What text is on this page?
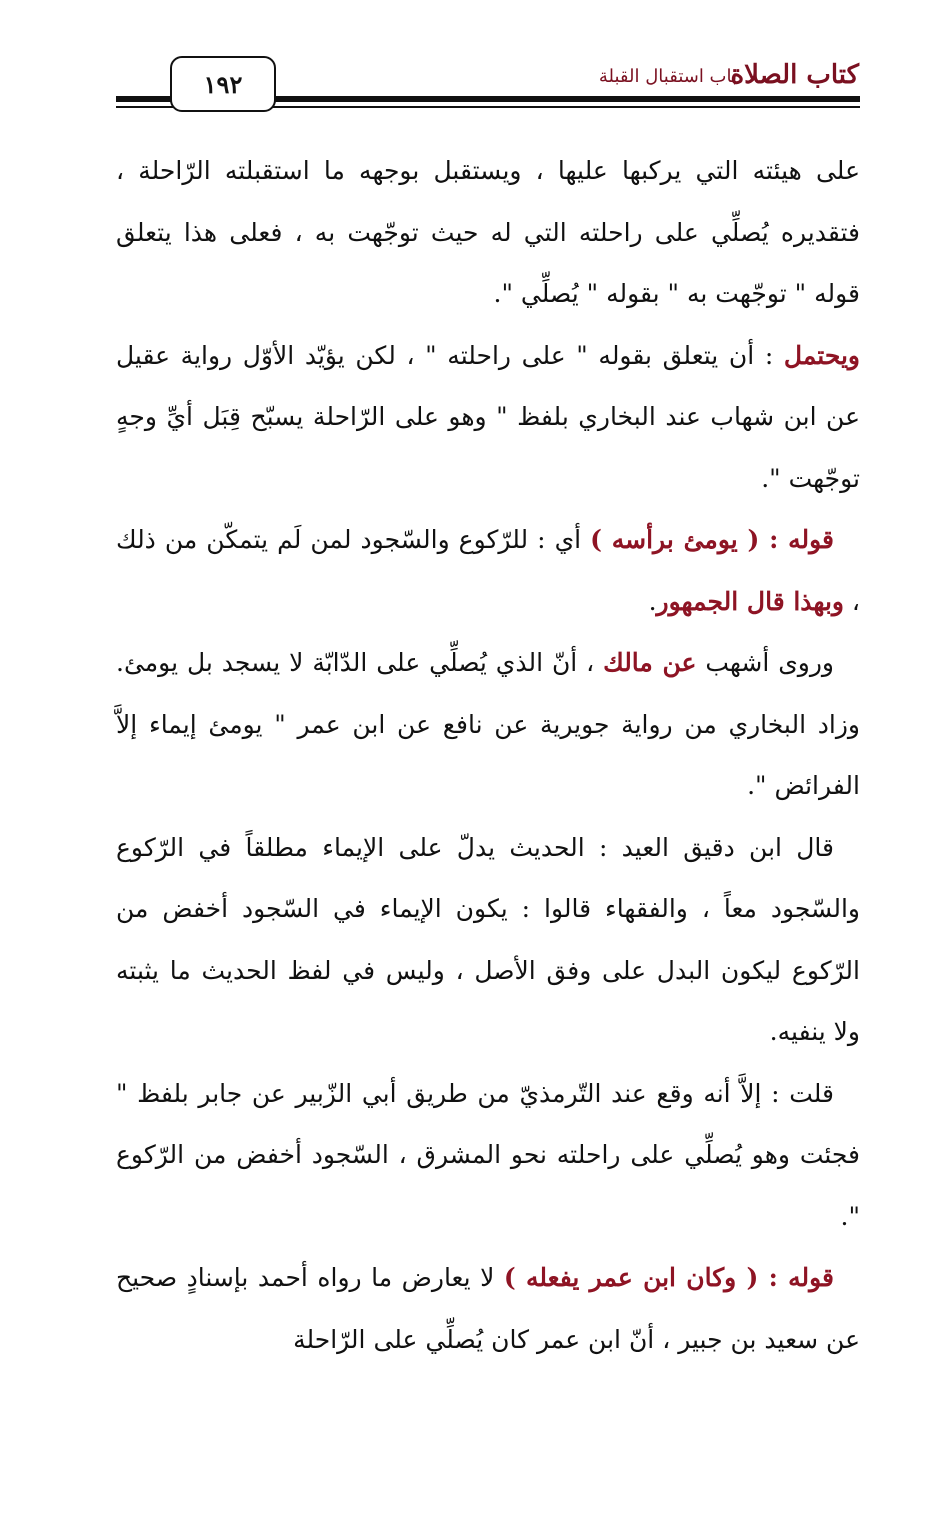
١٩٢	باب استقبال القبلة
كتاب الصلاة

على هيئته التي يركبها عليها ، ويستقبل بوجهه ما استقبلته الرّاحلة ، فتقديره يُصلِّي على راحلته التي له حيث توجّهت به ، فعلى هذا يتعلق قوله " توجّهت به " بقوله " يُصلِّي ".

ويحتمل : أن يتعلق بقوله " على راحلته " ، لكن يؤيّد الأوّل رواية عقيل عن ابن شهاب عند البخاري بلفظ " وهو على الرّاحلة يسبّح قِبَل أيِّ وجهٍ توجّهت ".

قوله : ( يومئ برأسه ) أي : للرّكوع والسّجود لمن لَم يتمكّن من ذلك ، وبهذا قال الجمهور.

وروى أشهب عن مالك ، أنّ الذي يُصلِّي على الدّابّة لا يسجد بل يومئ. وزاد البخاري من رواية جويرية عن نافع عن ابن عمر " يومئ إيماء إلاَّ الفرائض ".

قال ابن دقيق العيد : الحديث يدلّ على الإيماء مطلقاً في الرّكوع والسّجود معاً ، والفقهاء قالوا : يكون الإيماء في السّجود أخفض من الرّكوع ليكون البدل على وفق الأصل ، وليس في لفظ الحديث ما يثبته ولا ينفيه.

قلت : إلاَّ أنه وقع عند التّرمذيّ من طريق أبي الزّبير عن جابر بلفظ " فجئت وهو يُصلِّي على راحلته نحو المشرق ، السّجود أخفض من الرّكوع ".

قوله : ( وكان ابن عمر يفعله ) لا يعارض ما رواه أحمد بإسنادٍ صحيح عن سعيد بن جبير ، أنّ ابن عمر كان يُصلِّي على الرّاحلة
